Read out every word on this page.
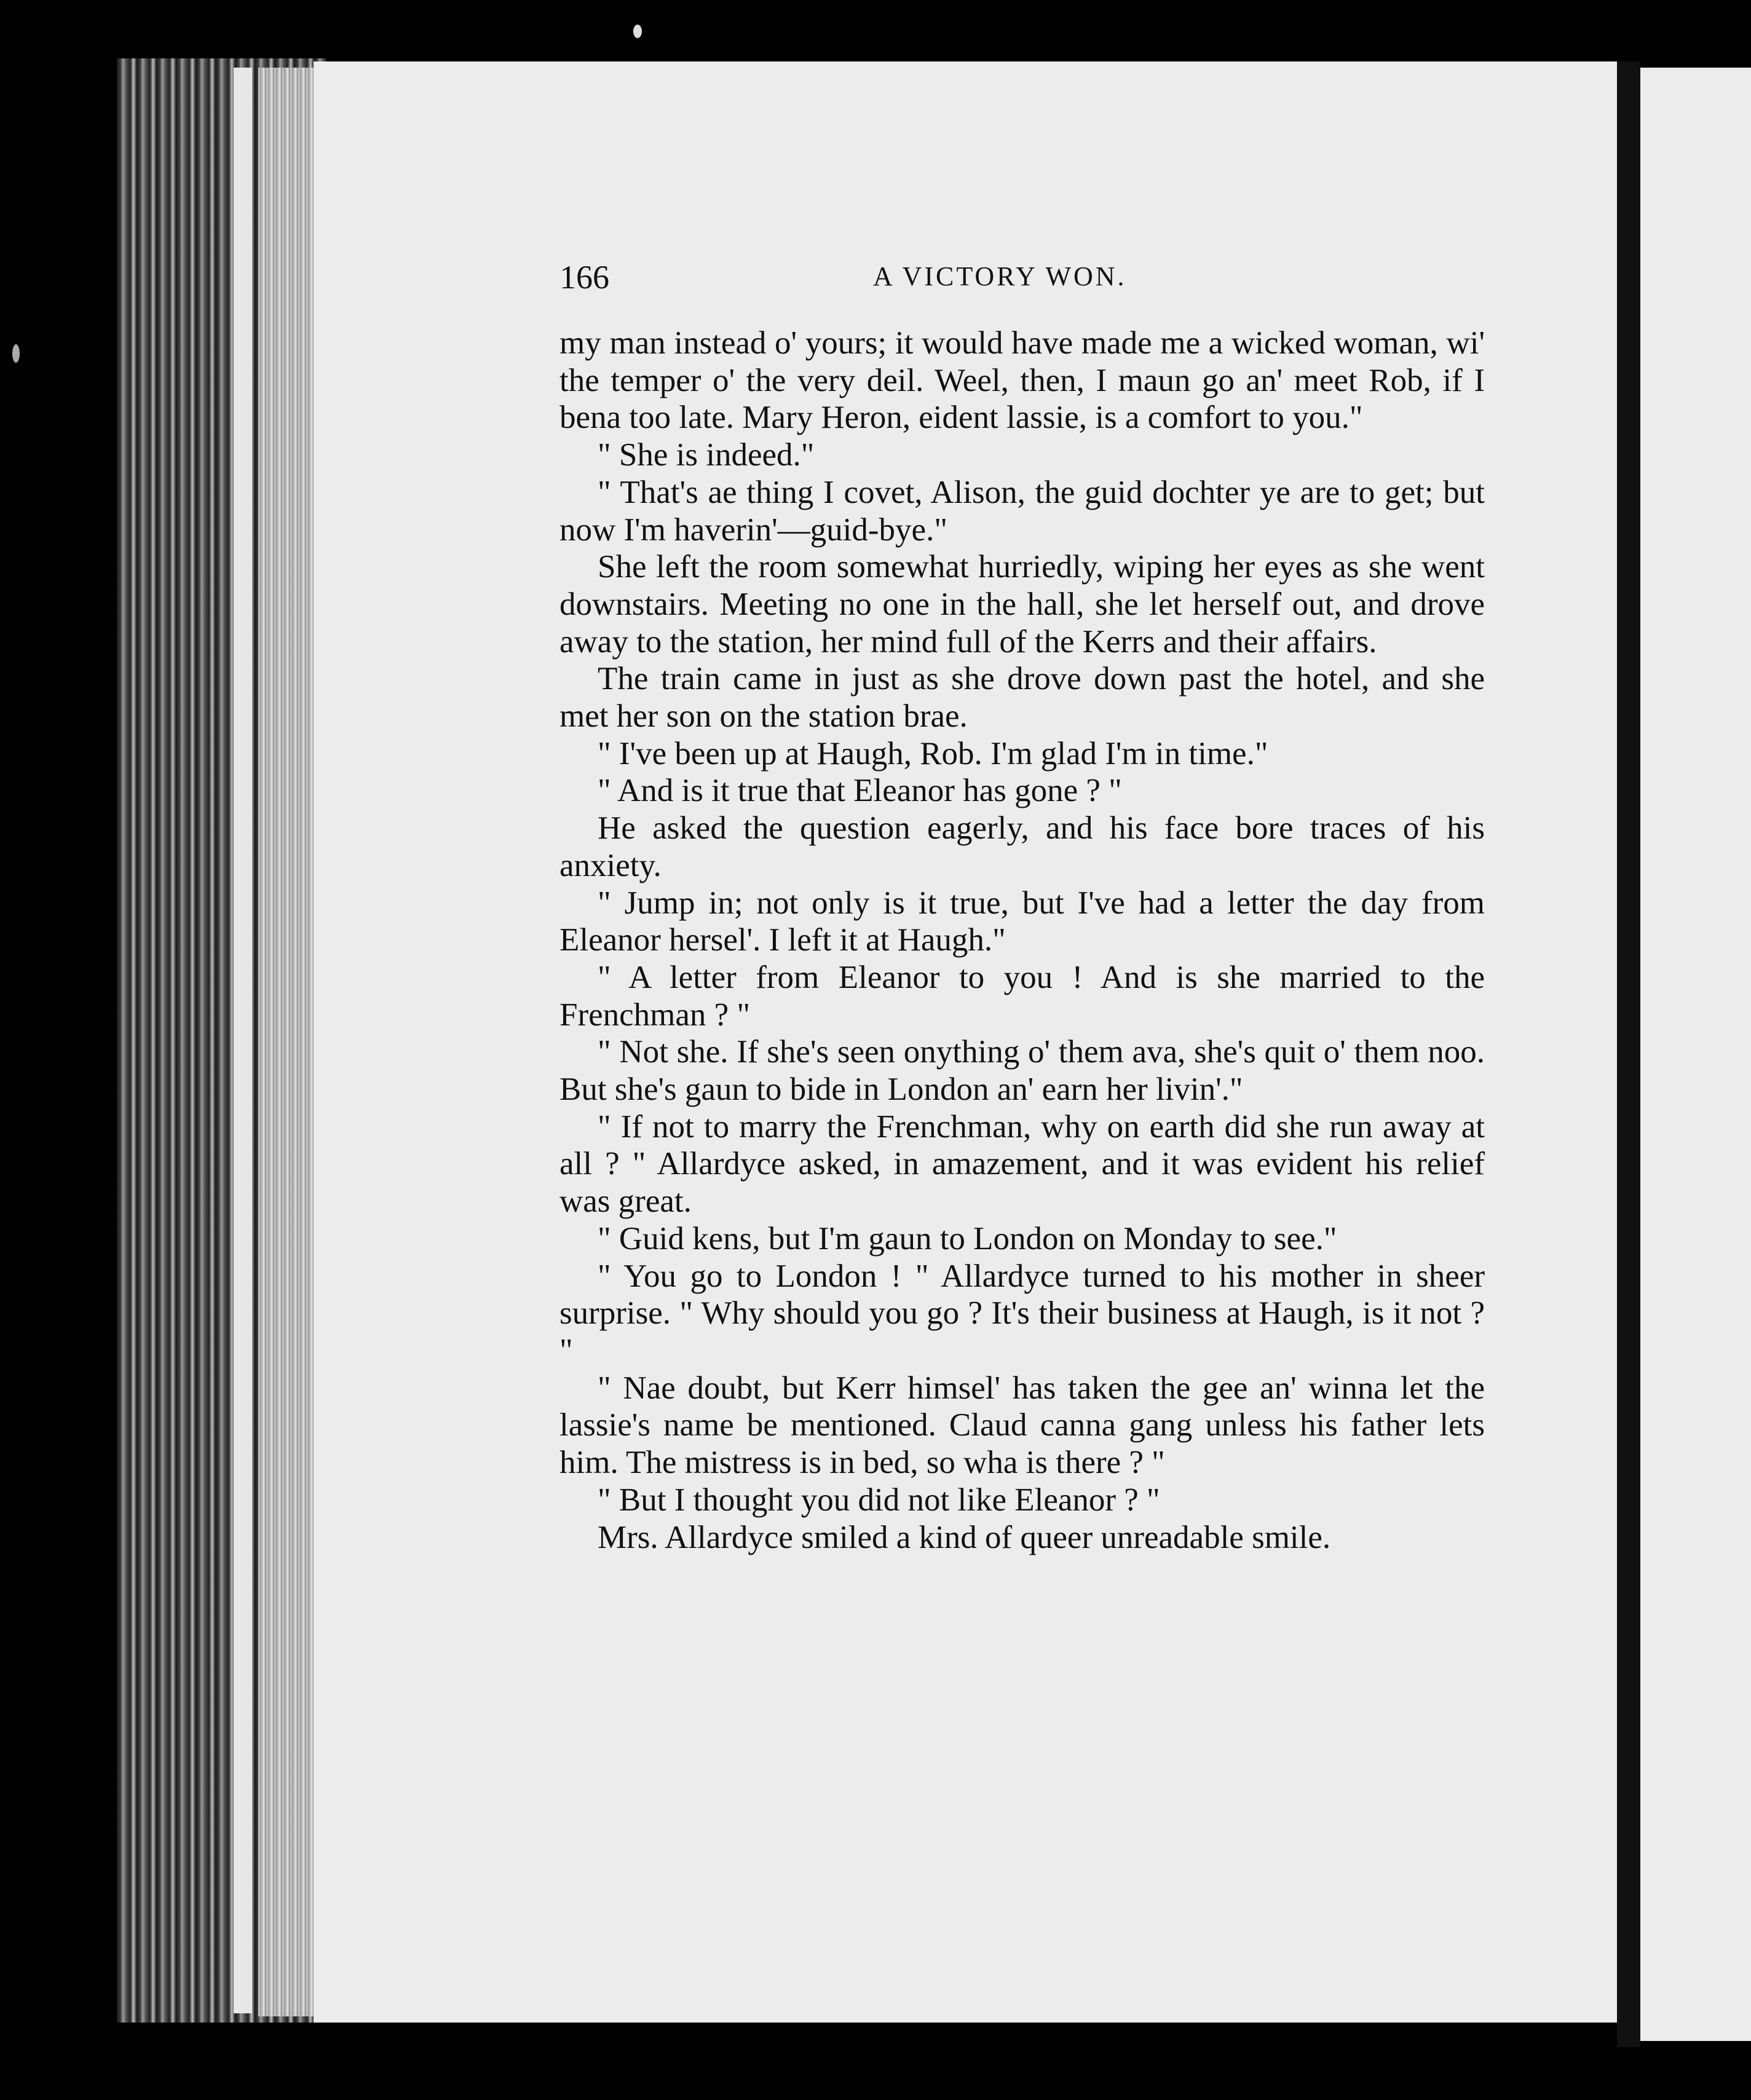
166	A VICTORY WON.

my man instead o' yours; it would have made me a wicked woman, wi' the temper o' the very deil. Weel, then, I maun go an' meet Rob, if I bena too late. Mary Heron, eident lassie, is a comfort to you."

" She is indeed."

" That's ae thing I covet, Alison, the guid dochter ye are to get; but now I'm haverin'—guid-bye."

She left the room somewhat hurriedly, wiping her eyes as she went downstairs. Meeting no one in the hall, she let herself out, and drove away to the station, her mind full of the Kerrs and their affairs.

The train came in just as she drove down past the hotel, and she met her son on the station brae.

" I've been up at Haugh, Rob. I'm glad I'm in time."

" And is it true that Eleanor has gone ? "

He asked the question eagerly, and his face bore traces of his anxiety.

" Jump in; not only is it true, but I've had a letter the day from Eleanor hersel'. I left it at Haugh."

" A letter from Eleanor to you ! And is she married to the Frenchman ? "

" Not she. If she's seen onything o' them ava, she's quit o' them noo. But she's gaun to bide in London an' earn her livin'."

" If not to marry the Frenchman, why on earth did she run away at all ? " Allardyce asked, in amazement, and it was evident his relief was great.

" Guid kens, but I'm gaun to London on Monday to see."

" You go to London ! " Allardyce turned to his mother in sheer surprise. " Why should you go ? It's their business at Haugh, is it not ? "

" Nae doubt, but Kerr himsel' has taken the gee an' winna let the lassie's name be mentioned. Claud canna gang unless his father lets him. The mistress is in bed, so wha is there ? "

" But I thought you did not like Eleanor ? "

Mrs. Allardyce smiled a kind of queer unreadable smile.
